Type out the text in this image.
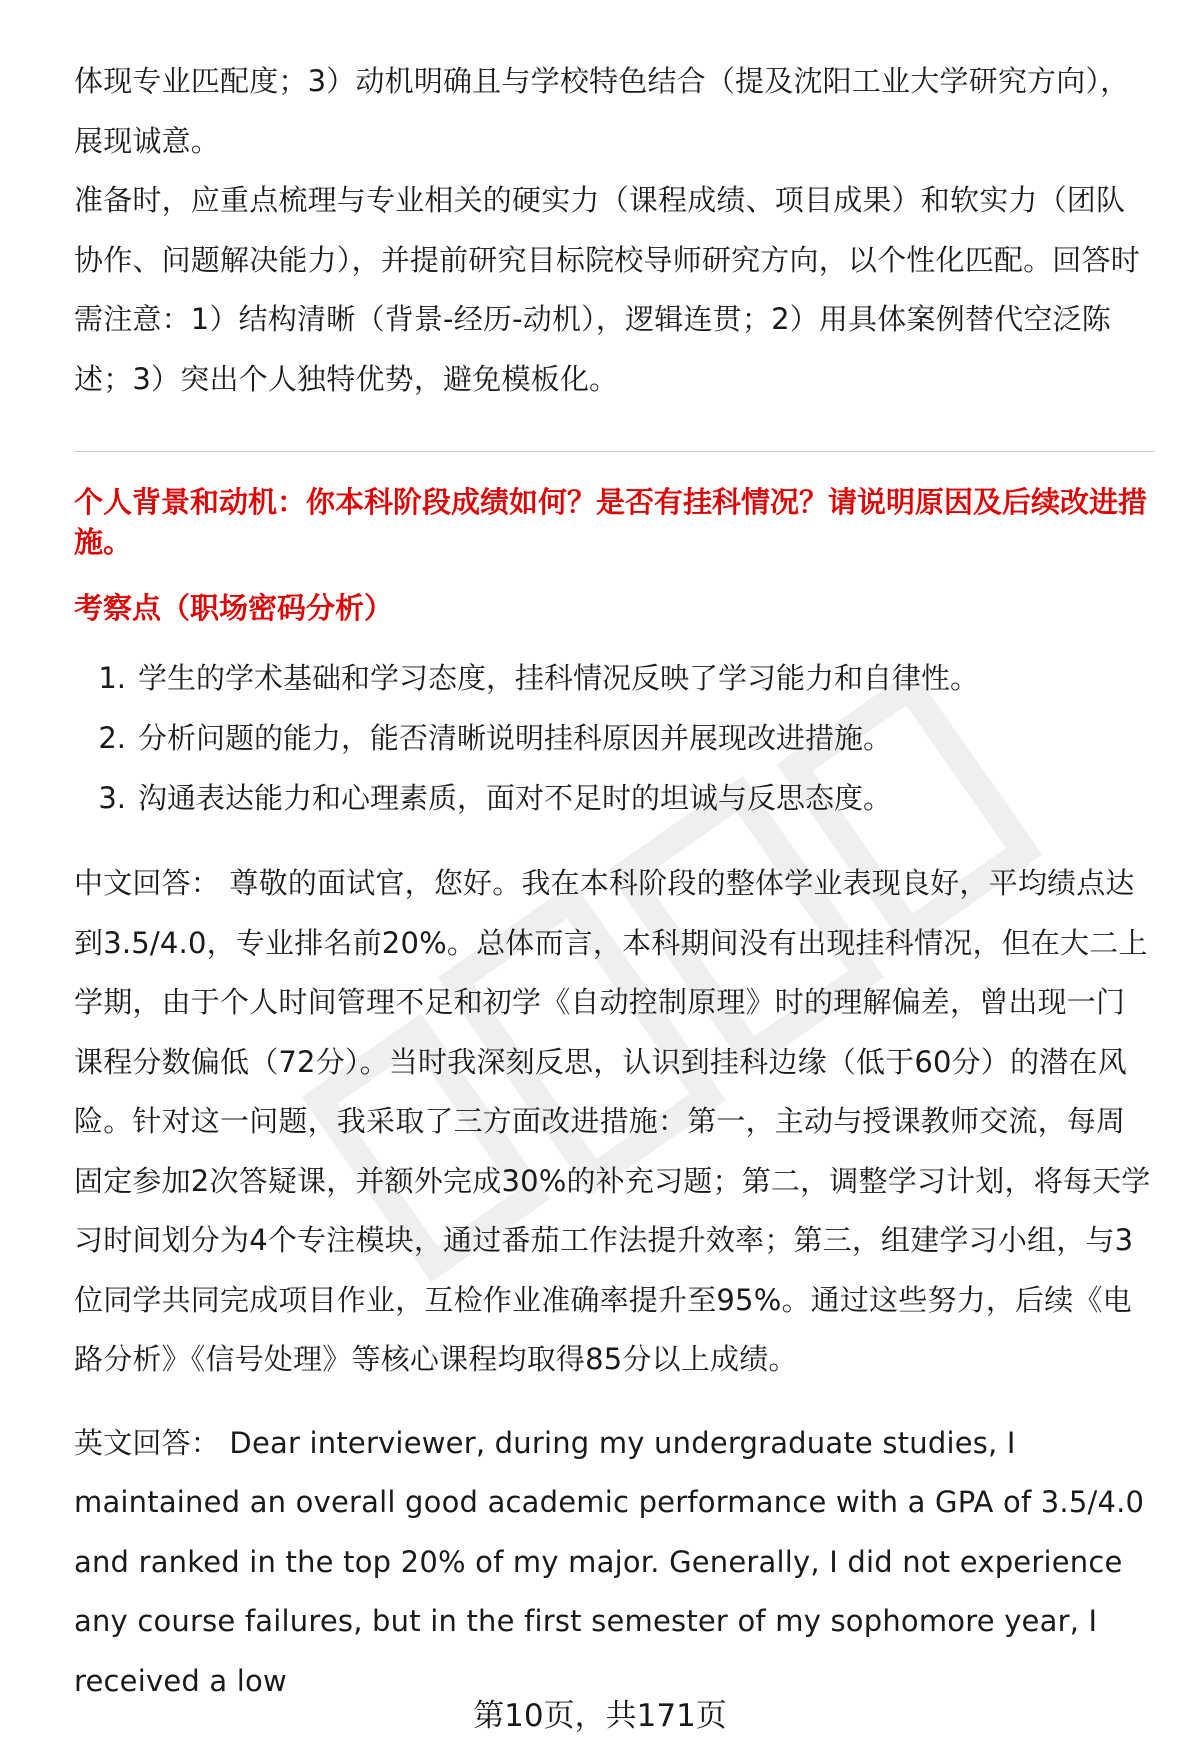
体现专业匹配度；3）动机明确且与学校特色结合（提及沈阳工业大学研究方向），展现诚意。

准备时，应重点梳理与专业相关的硬实力（课程成绩、项目成果）和软实力（团队协作、问题解决能力），并提前研究目标院校导师研究方向，以个性化匹配。回答时需注意：1）结构清晰（背景-经历-动机），逻辑连贯；2）用具体案例替代空泛陈述；3）突出个人独特优势，避免模板化。

个人背景和动机：你本科阶段成绩如何？是否有挂科情况？请说明原因及后续改进措施。

考察点（职场密码分析）

1. 学生的学术基础和学习态度，挂科情况反映了学习能力和自律性。
2. 分析问题的能力，能否清晰说明挂科原因并展现改进措施。
3. 沟通表达能力和心理素质，面对不足时的坦诚与反思态度。

中文回答： 尊敬的面试官，您好。我在本科阶段的整体学业表现良好，平均绩点达到3.5/4.0，专业排名前20%。总体而言，本科期间没有出现挂科情况，但在大二上学期，由于个人时间管理不足和初学《自动控制原理》时的理解偏差，曾出现一门课程分数偏低（72分）。当时我深刻反思，认识到挂科边缘（低于60分）的潜在风险。针对这一问题，我采取了三方面改进措施：第一，主动与授课教师交流，每周固定参加2次答疑课，并额外完成30%的补充习题；第二，调整学习计划，将每天学习时间划分为4个专注模块，通过番茄工作法提升效率；第三，组建学习小组，与3位同学共同完成项目作业，互检作业准确率提升至95%。通过这些努力，后续《电路分析》《信号处理》等核心课程均取得85分以上成绩。

英文回答： Dear interviewer, during my undergraduate studies, I maintained an overall good academic performance with a GPA of 3.5/4.0 and ranked in the top 20% of my major. Generally, I did not experience any course failures, but in the first semester of my sophomore year, I received a low

第10页，共171页
